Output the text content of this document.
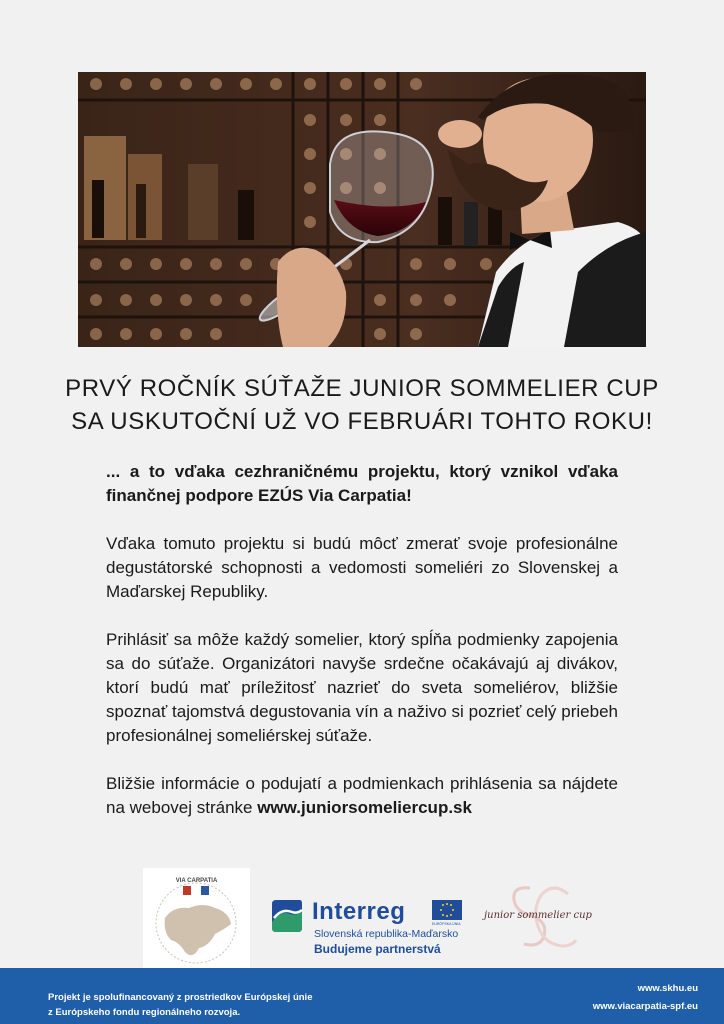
PRVÝ ROČNÍK SÚŤAŽE JUNIOR SOMMELIER CUP
SA USKUTOČNÍ UŽ VO FEBRUÁRI TOHTO ROKU!

... a to vďaka cezhraničnému projektu, ktorý vznikol vďaka finančnej podpore EZÚS Via Carpatia!

Vďaka tomuto projektu si budú môcť zmerať svoje profesionálne degustátorské schopnosti a vedomosti someliéri zo Slovenskej a Maďarskej Republiky.

Prihlásiť sa môže každý somelier, ktorý spĺňa podmienky zapojenia sa do súťaže. Organizátori navyše srdečne očakávajú aj divákov, ktorí budú mať príležitosť nazrieť do sveta someliérov, bližšie spoznať tajomstvá degustovania vín a naživo si pozrieť celý priebeh profesionálnej someliérskej súťaže.

Bližšie informácie o podujatí a podmienkach prihlásenia sa nájdete na webovej stránke www.juniorsomeliercup.sk

VIA CARPATIA
Interreg	EURÓPSKA ÚNIA
Slovenská republika-Maďarsko
Budujeme partnerstvá
junior sommelier cup
Projekt je spolufinancovaný z prostriedkov Európskej únie
z Európskeho fondu regionálneho rozvoja.
www.skhu.eu
www.viacarpatia-spf.eu
